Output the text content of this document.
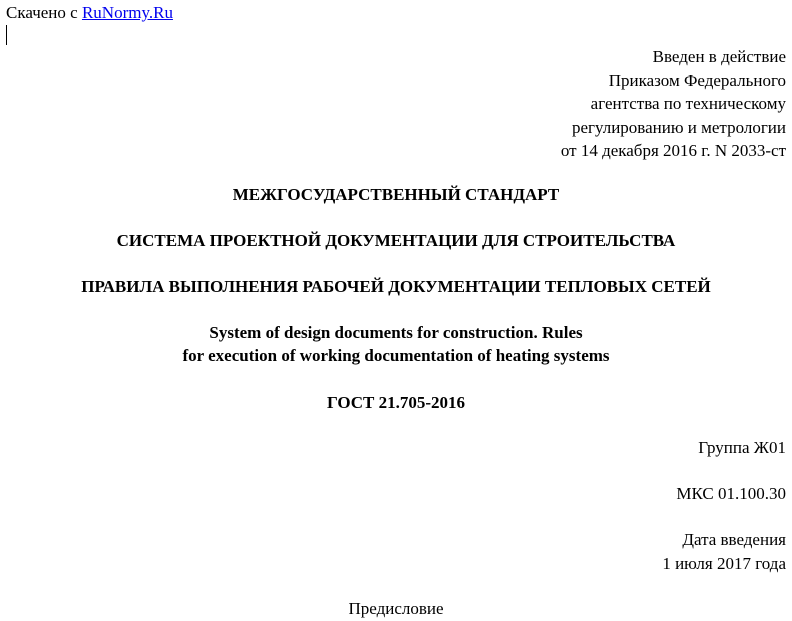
Скачено с RuNormy.Ru
Введен в действие
Приказом Федерального
агентства по техническому
регулированию и метрологии
от 14 декабря 2016 г. N 2033-ст
МЕЖГОСУДАРСТВЕННЫЙ СТАНДАРТ
СИСТЕМА ПРОЕКТНОЙ ДОКУМЕНТАЦИИ ДЛЯ СТРОИТЕЛЬСТВА
ПРАВИЛА ВЫПОЛНЕНИЯ РАБОЧЕЙ ДОКУМЕНТАЦИИ ТЕПЛОВЫХ СЕТЕЙ
System of design documents for construction. Rules
for execution of working documentation of heating systems
ГОСТ 21.705-2016
Группа Ж01
МКС 01.100.30
Дата введения
1 июля 2017 года
Предисловие
